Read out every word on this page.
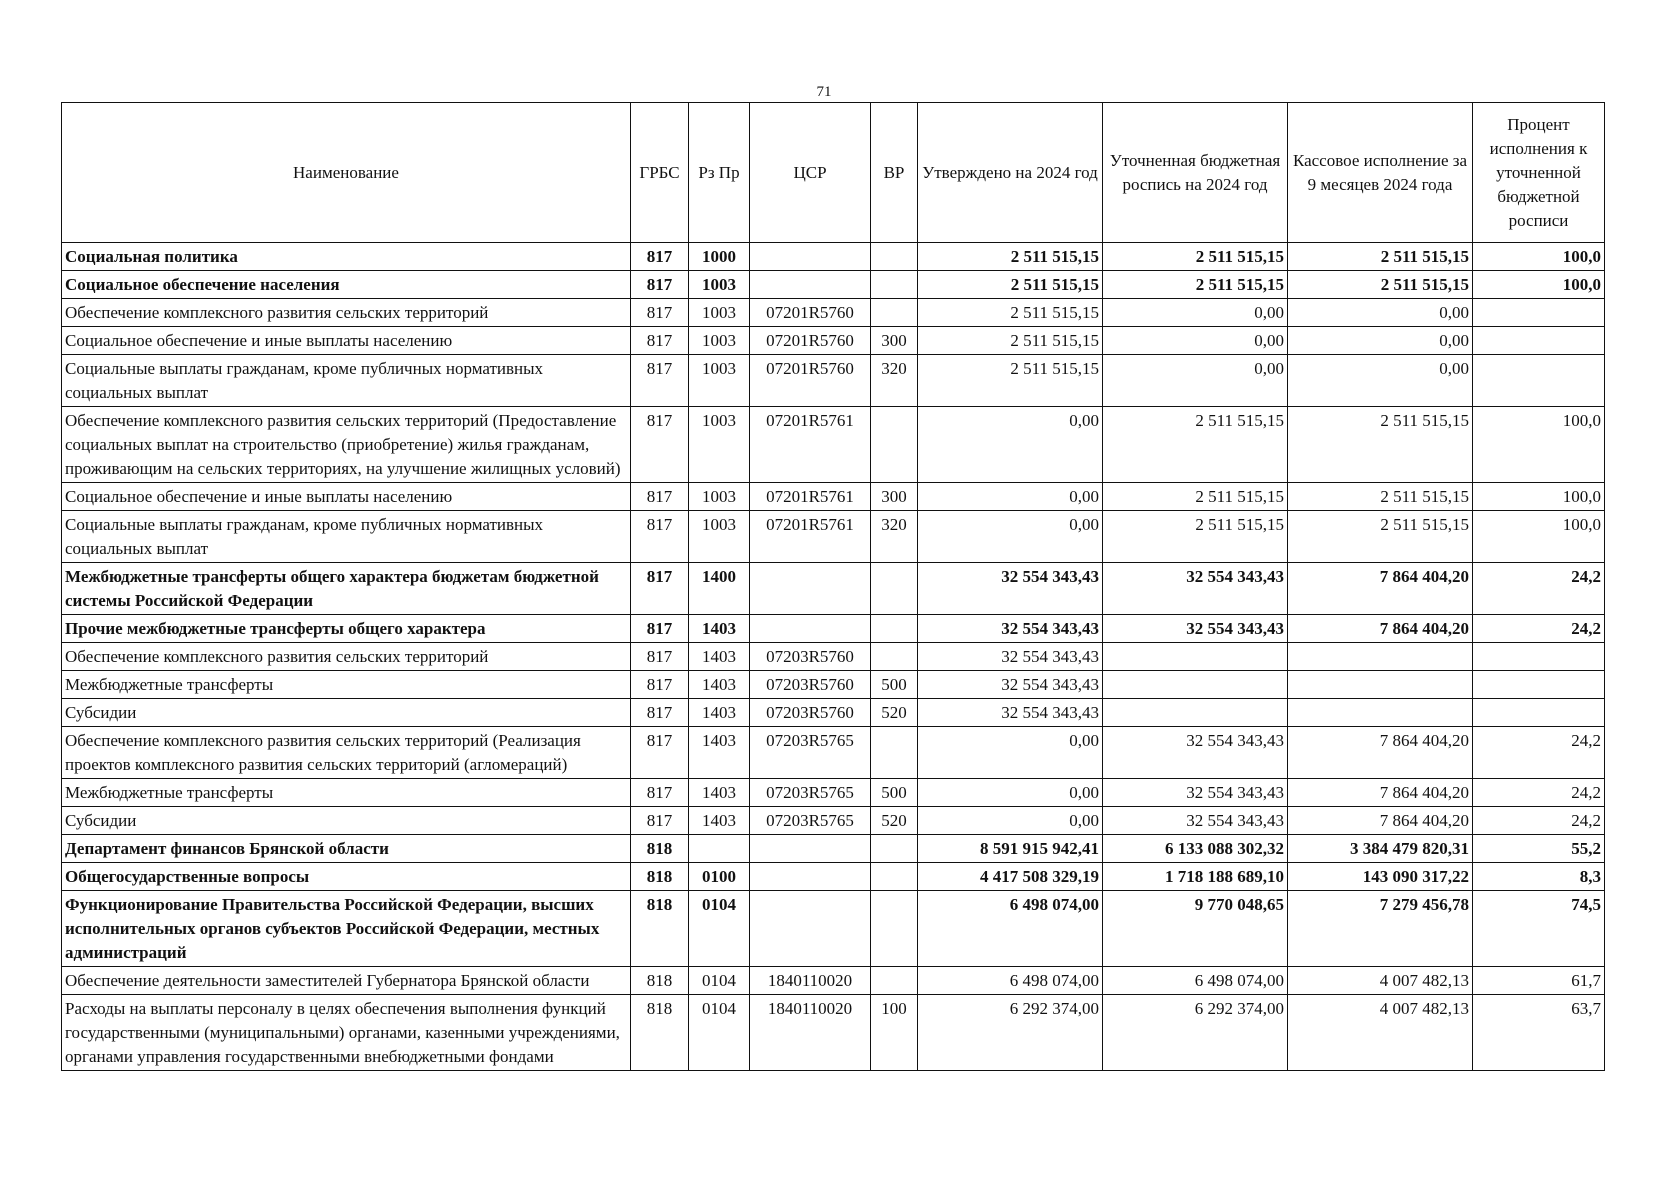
71
Наименование	ГРБС	Рз Пр	ЦСР	ВР	Утверждено на 2024 год	Уточненная бюджетная роспись на 2024 год	Кассовое исполнение за 9 месяцев 2024 года	Процент исполнения к уточненной бюджетной росписи
Социальная политика	817	1000			2 511 515,15	2 511 515,15	2 511 515,15	100,0
Социальное обеспечение населения	817	1003			2 511 515,15	2 511 515,15	2 511 515,15	100,0
Обеспечение комплексного развития сельских территорий	817	1003	07201R5760		2 511 515,15	0,00	0,00	
Социальное обеспечение и иные выплаты населению	817	1003	07201R5760	300	2 511 515,15	0,00	0,00	
Социальные выплаты гражданам, кроме публичных нормативных социальных выплат	817	1003	07201R5760	320	2 511 515,15	0,00	0,00	
Обеспечение комплексного развития сельских территорий (Предоставление социальных выплат на строительство (приобретение) жилья гражданам, проживающим на сельских территориях, на улучшение жилищных условий)	817	1003	07201R5761		0,00	2 511 515,15	2 511 515,15	100,0
Социальное обеспечение и иные выплаты населению	817	1003	07201R5761	300	0,00	2 511 515,15	2 511 515,15	100,0
Социальные выплаты гражданам, кроме публичных нормативных социальных выплат	817	1003	07201R5761	320	0,00	2 511 515,15	2 511 515,15	100,0
Межбюджетные трансферты общего характера бюджетам бюджетной системы Российской Федерации	817	1400			32 554 343,43	32 554 343,43	7 864 404,20	24,2
Прочие межбюджетные трансферты общего характера	817	1403			32 554 343,43	32 554 343,43	7 864 404,20	24,2
Обеспечение комплексного развития сельских территорий	817	1403	07203R5760		32 554 343,43			
Межбюджетные трансферты	817	1403	07203R5760	500	32 554 343,43			
Субсидии	817	1403	07203R5760	520	32 554 343,43			
Обеспечение комплексного развития сельских территорий (Реализация проектов комплексного развития сельских территорий (агломераций)	817	1403	07203R5765		0,00	32 554 343,43	7 864 404,20	24,2
Межбюджетные трансферты	817	1403	07203R5765	500	0,00	32 554 343,43	7 864 404,20	24,2
Субсидии	817	1403	07203R5765	520	0,00	32 554 343,43	7 864 404,20	24,2
Департамент финансов Брянской области	818				8 591 915 942,41	6 133 088 302,32	3 384 479 820,31	55,2
Общегосударственные вопросы	818	0100			4 417 508 329,19	1 718 188 689,10	143 090 317,22	8,3
Функционирование Правительства Российской Федерации, высших исполнительных органов субъектов Российской Федерации, местных администраций	818	0104			6 498 074,00	9 770 048,65	7 279 456,78	74,5
Обеспечение деятельности заместителей Губернатора Брянской области	818	0104	1840110020		6 498 074,00	6 498 074,00	4 007 482,13	61,7
Расходы на выплаты персоналу в целях обеспечения выполнения функций государственными (муниципальными) органами, казенными учреждениями, органами управления государственными внебюджетными фондами	818	0104	1840110020	100	6 292 374,00	6 292 374,00	4 007 482,13	63,7
